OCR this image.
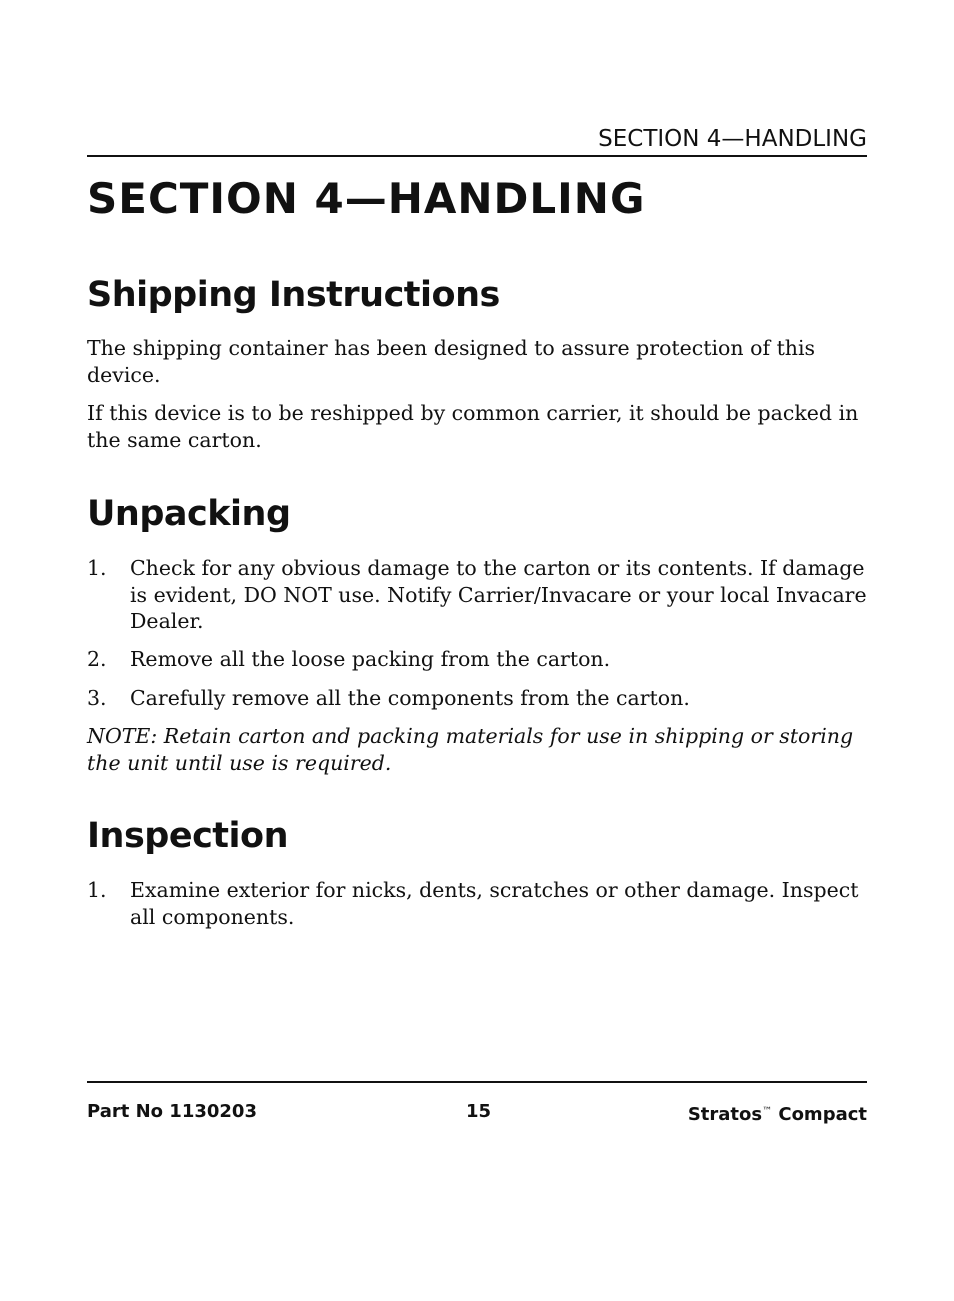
SECTION 4—HANDLING
SECTION 4—HANDLING
Shipping Instructions

The shipping container has been designed to assure protection of this device.

If this device is to be reshipped by common carrier, it should be packed in the same carton.

Unpacking
1. Check for any obvious damage to the carton or its contents. If damage is evident, DO NOT use. Notify Carrier/Invacare or your local Invacare Dealer.
2. Remove all the loose packing from the carton.
3. Carefully remove all the components from the carton.

NOTE: Retain carton and packing materials for use in shipping or storing the unit until use is required.

Inspection
1. Examine exterior for nicks, dents, scratches or other damage. Inspect all components.
Part No 1130203	15	Stratos™ Compact
